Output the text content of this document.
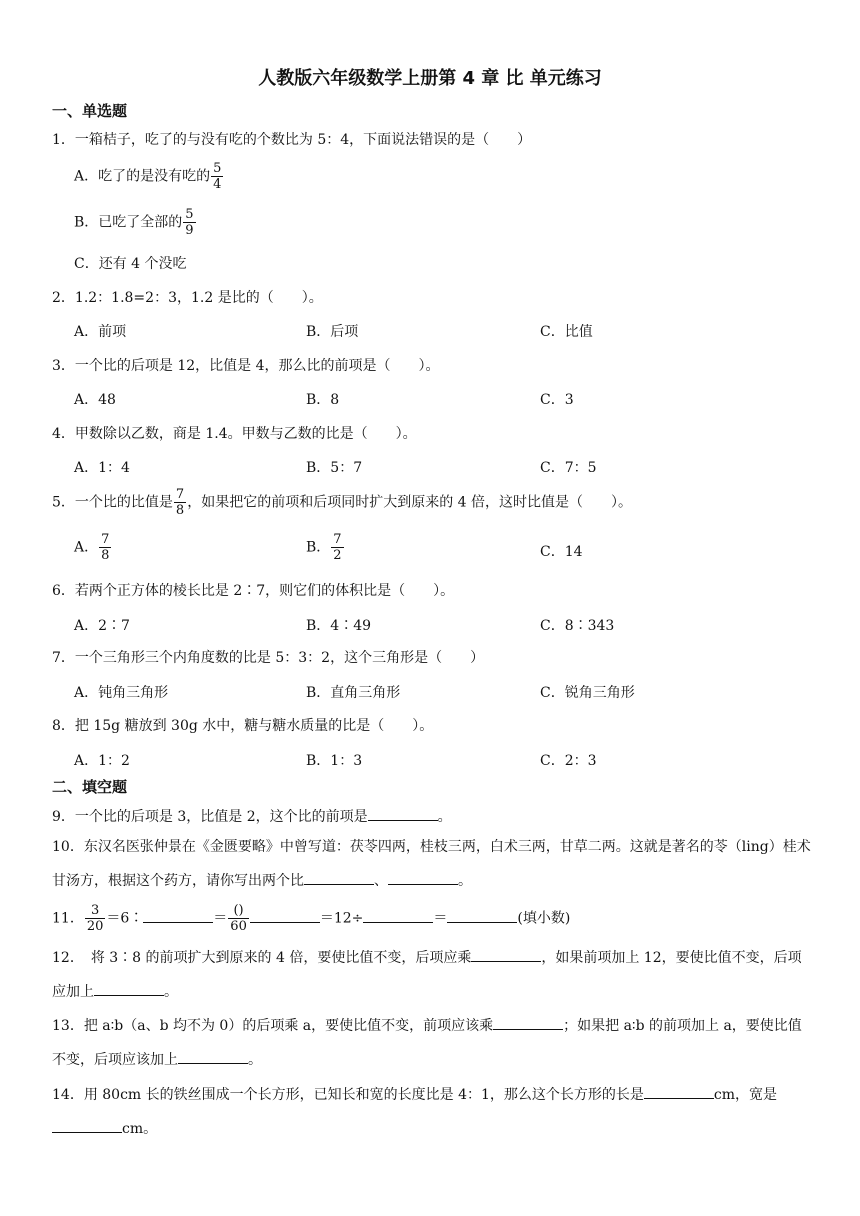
人教版六年级数学上册第 4 章 比 单元练习
一、单选题
1．一箱桔子，吃了的与没有吃的个数比为 5：4，下面说法错误的是（　　）
A．吃了的是没有吃的 $\frac{5}{4}$
B．已吃了全部的 $\frac{5}{9}$
C．还有 4 个没吃
2．1.2：1.8=2：3，1.2 是比的（　　）。
A．前项	B．后项	C．比值
3．一个比的后项是 12，比值是 4，那么比的前项是（　　）。
A．48	B．8	C．3
4．甲数除以乙数，商是 1.4。甲数与乙数的比是（　　）。
A．1：4	B．5：7	C．7：5
5．一个比的比值是 $\frac{7}{8}$ ，如果把它的前项和后项同时扩大到原来的 4 倍，这时比值是（　　）。
A． $\frac{7}{8}$	B． $\frac{7}{2}$	C．14
6．若两个正方体的棱长比是 2∶7，则它们的体积比是（　　）。
A．2∶7	B．4∶49	C．8∶343
7．一个三角形三个内角度数的比是 5：3：2，这个三角形是（　　）
A．钝角三角形	B．直角三角形	C．锐角三角形
8．把 15g 糖放到 30g 水中，糖与糖水质量的比是（　　）。
A．1：2	B．1：3	C．2：3
二、填空题
9．一个比的后项是 3，比值是 2，这个比的前项是	。
10．东汉名医张仲景在《金匮要略》中曾写道：茯苓四两，桂枝三两，白术三两，甘草二两。这就是著名的苓（ling）桂术甘汤方，根据这个药方，请你写出两个比	、	。
11． $\frac{3}{20}$ ＝6∶	＝ $\frac{()}{60}$	＝12÷	＝	(填小数)
12．　将 3∶8 的前项扩大到原来的 4 倍，要使比值不变，后项应乘	，如果前项加上 12，要使比值不变，后项应加上	。
13．把 a∶b（a、b 均不为 0）的后项乘 a，要使比值不变，前项应该乘	；如果把 a∶b 的前项加上 a，要使比值不变，后项应该加上	。
14．用 80cm 长的铁丝围成一个长方形，已知长和宽的长度比是 4：1，那么这个长方形的长是	cm，宽是cm。
